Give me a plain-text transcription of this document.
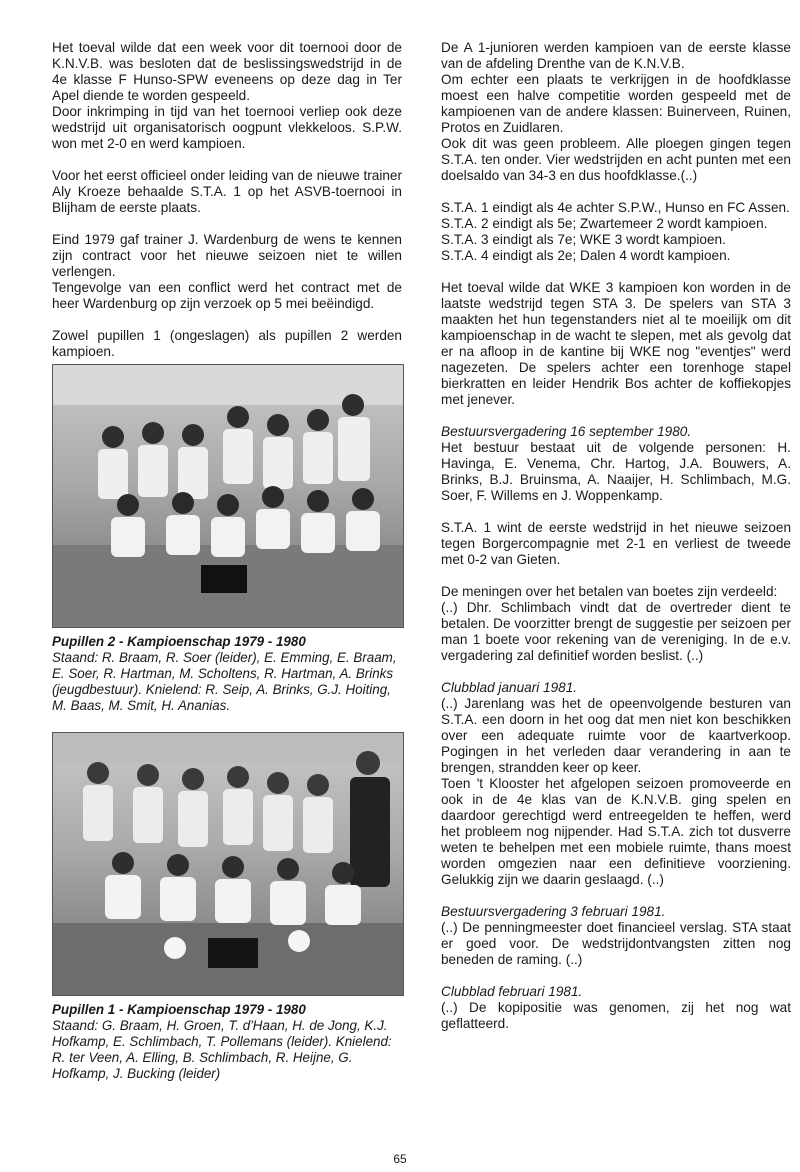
Het toeval wilde dat een week voor dit toernooi door de K.N.V.B. was besloten dat de beslissingswedstrijd in de 4e klasse F Hunso-SPW eveneens op deze dag in Ter Apel diende te worden gespeeld.

Door inkrimping in tijd van het toernooi verliep ook deze wedstrijd uit organisatorisch oogpunt vlekkeloos. S.P.W. won met 2-0 en werd kampioen.

Voor het eerst officieel onder leiding van de nieuwe trainer Aly Kroeze behaalde S.T.A. 1 op het ASVB-toernooi in Blijham de eerste plaats.

Eind 1979 gaf trainer J. Wardenburg de wens te kennen zijn contract voor het nieuwe seizoen niet te willen verlengen.

Tengevolge van een conflict werd het contract met de heer Wardenburg op zijn verzoek op 5 mei beëindigd.

Zowel pupillen 1 (ongeslagen) als pupillen 2 werden kampioen.

Pupillen 2 - Kampioenschap 1979 - 1980
Staand: R. Braam, R. Soer (leider), E. Emming, E. Braam, E. Soer, R. Hartman, M. Scholtens, R. Hartman, A. Brinks (jeugdbestuur). Knielend: R. Seip, A. Brinks, G.J. Hoiting, M. Baas, M. Smit, H. Ananias.
Pupillen 1 - Kampioenschap 1979 - 1980
Staand: G. Braam, H. Groen, T. d'Haan, H. de Jong, K.J. Hofkamp, E. Schlimbach, T. Pollemans (leider). Knielend: R. ter Veen, A. Elling, B. Schlimbach, R. Heijne, G. Hofkamp, J. Bucking (leider)

De A 1-junioren werden kampioen van de eerste klasse van de afdeling Drenthe van de K.N.V.B.

Om echter een plaats te verkrijgen in de hoofdklasse moest een halve competitie worden gespeeld met de kampioenen van de andere klassen: Buinerveen, Ruinen, Protos en Zuidlaren.

Ook dit was geen probleem. Alle ploegen gingen tegen S.T.A. ten onder. Vier wedstrijden en acht punten met een doelsaldo van 34-3 en dus hoofdklasse.(..)

S.T.A. 1 eindigt als 4e achter S.P.W., Hunso en FC Assen.

S.T.A. 2 eindigt als 5e; Zwartemeer 2 wordt kampioen.

S.T.A. 3 eindigt als 7e; WKE 3 wordt kampioen.

S.T.A. 4 eindigt als 2e; Dalen 4 wordt kampioen.

Het toeval wilde dat WKE 3 kampioen kon worden in de laatste wedstrijd tegen STA 3. De spelers van STA 3 maakten het hun tegenstanders niet al te moeilijk om dit kampioenschap in de wacht te slepen, met als gevolg dat er na afloop in de kantine bij WKE nog "eventjes" werd nagezeten. De spelers achter een torenhoge stapel bierkratten en leider Hendrik Bos achter de koffiekopjes met jenever.

Bestuursvergadering 16 september 1980.

Het bestuur bestaat uit de volgende personen: H. Havinga, E. Venema, Chr. Hartog, J.A. Bouwers, A. Brinks, B.J. Bruinsma, A. Naaijer, H. Schlimbach, M.G. Soer, F. Willems en J. Woppenkamp.

S.T.A. 1 wint de eerste wedstrijd in het nieuwe seizoen tegen Borgercompagnie met 2-1 en verliest de tweede met 0-2 van Gieten.

De meningen over het betalen van boetes zijn verdeeld:

(..) Dhr. Schlimbach vindt dat de overtreder dient te betalen. De voorzitter brengt de suggestie per seizoen per man 1 boete voor rekening van de vereniging. In de e.v. vergadering zal definitief worden beslist. (..)

Clubblad januari 1981.

(..) Jarenlang was het de opeenvolgende besturen van S.T.A. een doorn in het oog dat men niet kon beschikken over een adequate ruimte voor de kaartverkoop. Pogingen in het verleden daar verandering in aan te brengen, strandden keer op keer.

Toen 't Klooster het afgelopen seizoen promoveerde en ook in de 4e klas van de K.N.V.B. ging spelen en daardoor gerechtigd werd entreegelden te heffen, werd het probleem nog nijpender. Had S.T.A. zich tot dusverre weten te behelpen met een mobiele ruimte, thans moest worden omgezien naar een definitieve voorziening. Gelukkig zijn we daarin geslaagd. (..)

Bestuursvergadering 3 februari 1981.

(..) De penningmeester doet financieel verslag. STA staat er goed voor. De wedstrijdontvangsten zitten nog beneden de raming. (..)

Clubblad februari 1981.

(..) De kopipositie was genomen, zij het nog wat geflatteerd.

65
